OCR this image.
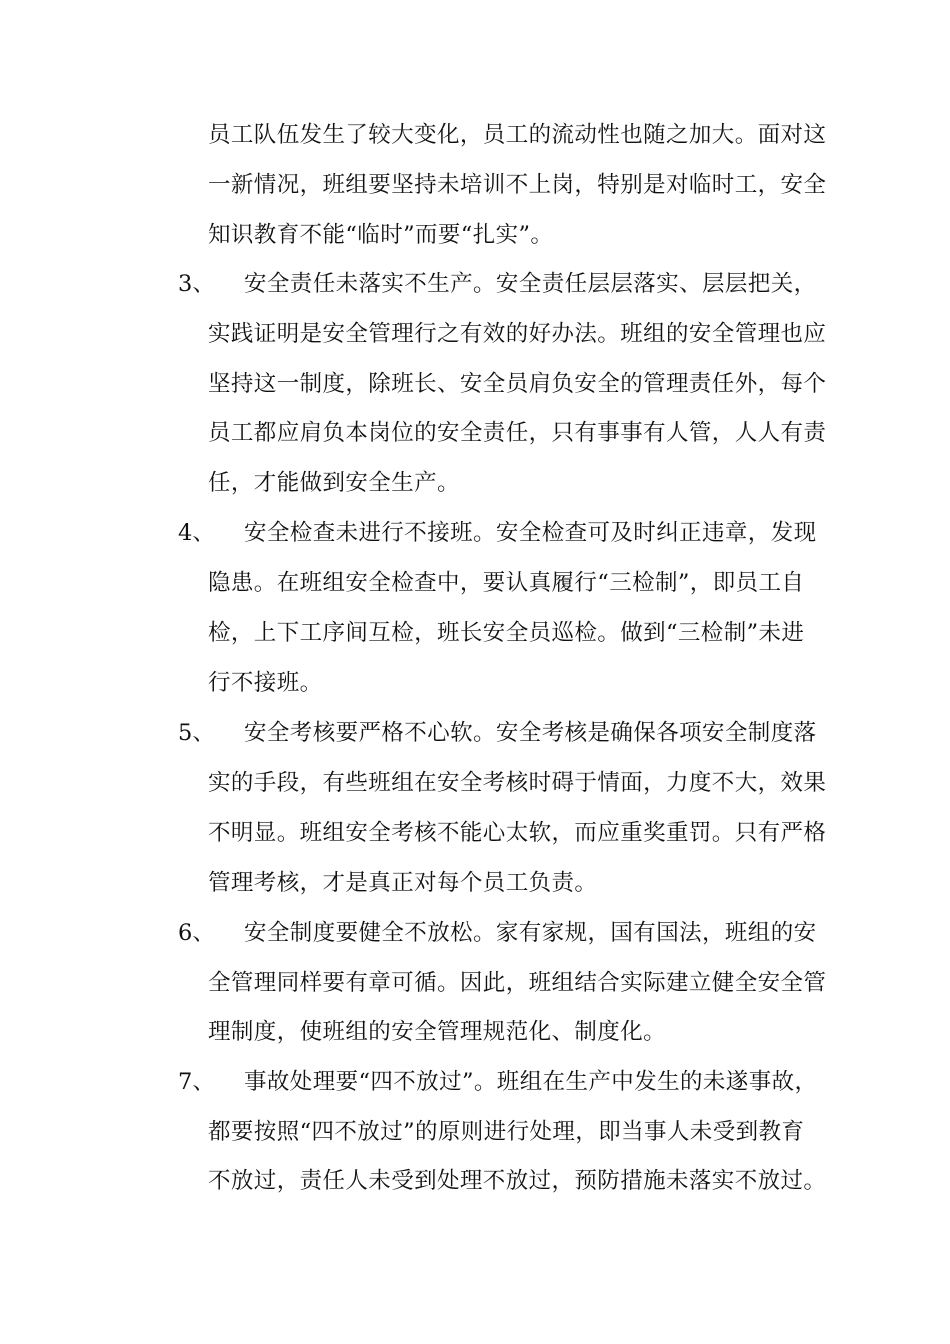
员工队伍发生了较大变化，员工的流动性也随之加大。面对这
一新情况，班组要坚持未培训不上岗，特别是对临时工，安全
知识教育不能“临时”而要“扎实”。
3、 安全责任未落实不生产。安全责任层层落实、层层把关，
实践证明是安全管理行之有效的好办法。班组的安全管理也应
坚持这一制度，除班长、安全员肩负安全的管理责任外，每个
员工都应肩负本岗位的安全责任，只有事事有人管，人人有责
任，才能做到安全生产。
4、 安全检查未进行不接班。安全检查可及时纠正违章，发现
隐患。在班组安全检查中，要认真履行“三检制”，即员工自
检，上下工序间互检，班长安全员巡检。做到“三检制”未进
行不接班。
5、 安全考核要严格不心软。安全考核是确保各项安全制度落
实的手段，有些班组在安全考核时碍于情面，力度不大，效果
不明显。班组安全考核不能心太软，而应重奖重罚。只有严格
管理考核，才是真正对每个员工负责。
6、 安全制度要健全不放松。家有家规，国有国法，班组的安
全管理同样要有章可循。因此，班组结合实际建立健全安全管
理制度，使班组的安全管理规范化、制度化。
7、 事故处理要“四不放过”。班组在生产中发生的未遂事故，
都要按照“四不放过”的原则进行处理，即当事人未受到教育
不放过，责任人未受到处理不放过，预防措施未落实不放过。
